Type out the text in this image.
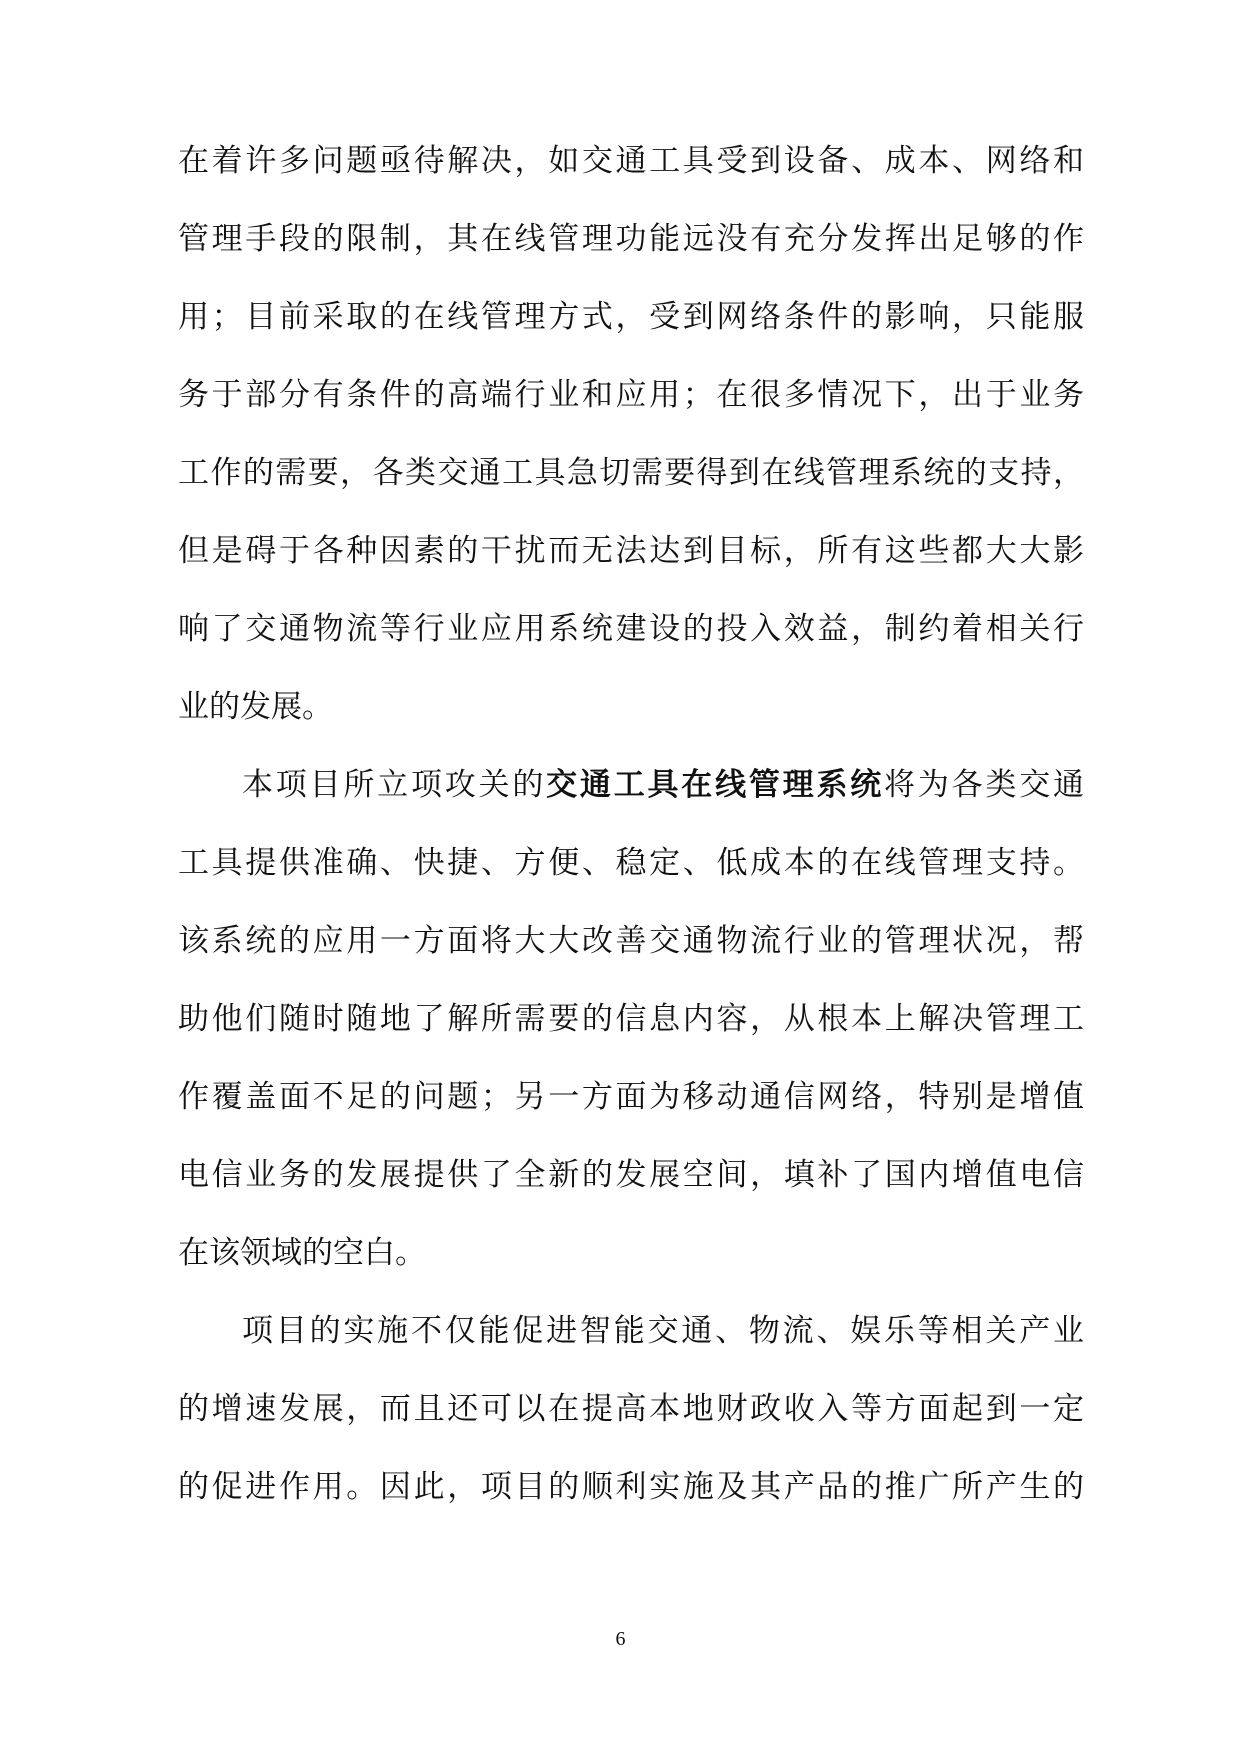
在着许多问题亟待解决，如交通工具受到设备、成本、网络和
管理手段的限制，其在线管理功能远没有充分发挥出足够的作
用；目前采取的在线管理方式，受到网络条件的影响，只能服
务于部分有条件的高端行业和应用；在很多情况下，出于业务
工作的需要，各类交通工具急切需要得到在线管理系统的支持，
但是碍于各种因素的干扰而无法达到目标，所有这些都大大影
响了交通物流等行业应用系统建设的投入效益，制约着相关行
业的发展。
本项目所立项攻关的交通工具在线管理系统将为各类交通
工具提供准确、快捷、方便、稳定、低成本的在线管理支持。
该系统的应用一方面将大大改善交通物流行业的管理状况，帮
助他们随时随地了解所需要的信息内容，从根本上解决管理工
作覆盖面不足的问题；另一方面为移动通信网络，特别是增值
电信业务的发展提供了全新的发展空间，填补了国内增值电信
在该领域的空白。
项目的实施不仅能促进智能交通、物流、娱乐等相关产业
的增速发展，而且还可以在提高本地财政收入等方面起到一定
的促进作用。因此，项目的顺利实施及其产品的推广所产生的
6
